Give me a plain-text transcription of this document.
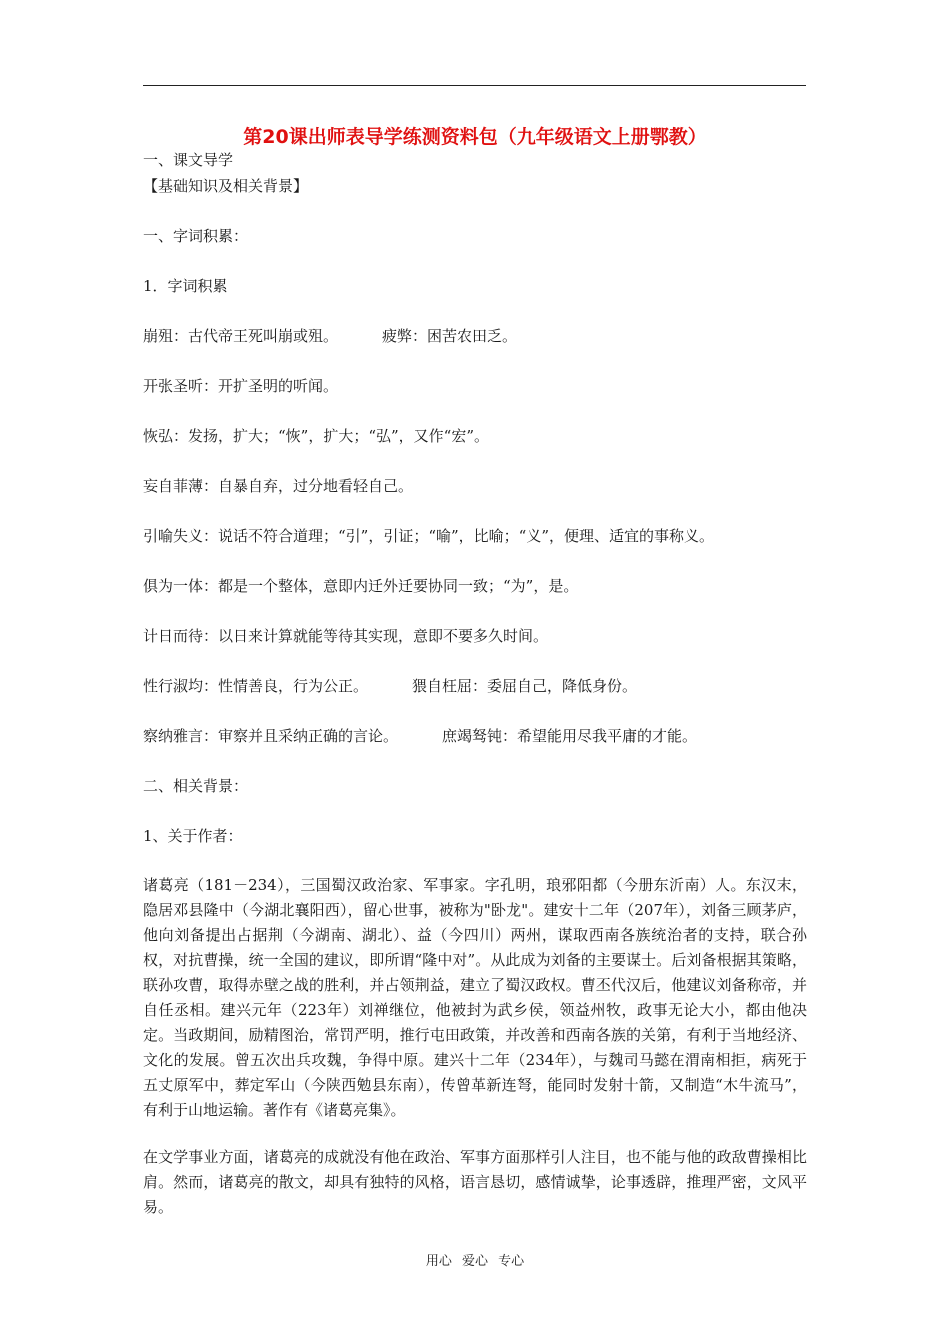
第20课出师表导学练测资料包（九年级语文上册鄂教）
一、课文导学
【基础知识及相关背景】
一、字词积累：
1．字词积累
崩殂：古代帝王死叫崩或殂。	疲弊：困苦农田乏。
开张圣听：开扩圣明的听闻。
恢弘：发扬，扩大；“恢”，扩大；“弘”，又作“宏”。
妄自菲薄：自暴自弃，过分地看轻自己。
引喻失义：说话不符合道理；“引”，引证；“喻”，比喻；“义”，便理、适宜的事称义。
俱为一体：都是一个整体，意即内迁外迁要协同一致；“为”，是。
计日而待：以日来计算就能等待其实现，意即不要多久时间。
性行淑均：性情善良，行为公正。	猥自枉屈：委屈自己，降低身份。
察纳雅言：审察并且采纳正确的言论。	庶竭驽钝：希望能用尽我平庸的才能。
二、相关背景：
1、关于作者：
诸葛亮（181－234），三国蜀汉政治家、军事家。字孔明，琅邪阳都（今册东沂南）人。东汉末，隐居邓县隆中（今湖北襄阳西），留心世事，被称为"卧龙"。建安十二年（207年），刘备三顾茅庐，他向刘备提出占据荆（今湖南、湖北）、益（今四川）两州，谋取西南各族统治者的支持，联合孙权，对抗曹操，统一全国的建议，即所谓“隆中对”。从此成为刘备的主要谋士。后刘备根据其策略，联孙攻曹，取得赤壁之战的胜利，并占领荆益，建立了蜀汉政权。曹丕代汉后，他建议刘备称帝，并自任丞相。建兴元年（223年）刘禅继位，他被封为武乡侯，领益州牧，政事无论大小，都由他决定。当政期间，励精图治，常罚严明，推行屯田政策，并改善和西南各族的关第，有利于当地经济、文化的发展。曾五次出兵攻魏，争得中原。建兴十二年（234年），与魏司马懿在渭南相拒，病死于五丈原军中，葬定军山（今陕西勉县东南），传曾革新连弩，能同时发射十箭，又制造“木牛流马”，有利于山地运输。著作有《诸葛亮集》。
在文学事业方面，诸葛亮的成就没有他在政治、军事方面那样引人注目，也不能与他的政敌曹操相比肩。然而，诸葛亮的散文，却具有独特的风格，语言恳切，感情诚挚，论事透辟，推理严密，文风平易。
用心 爱心 专心
